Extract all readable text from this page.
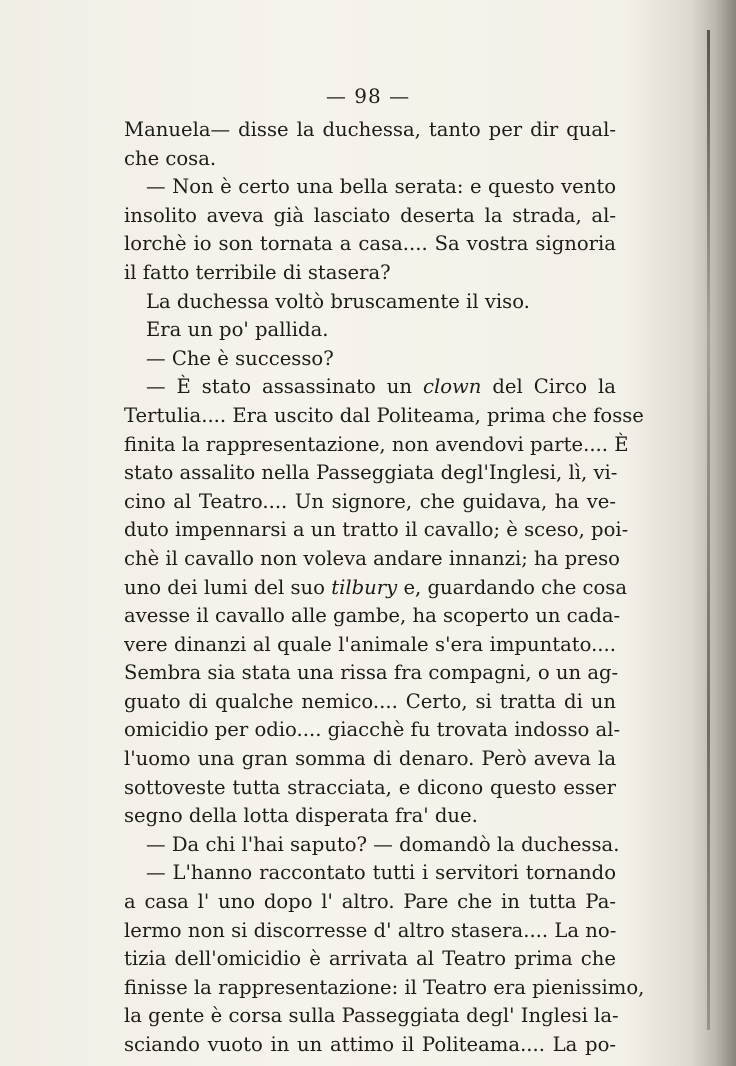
— 98 —
Manuela— disse la duchessa, tanto per dir qual-
che cosa.
— Non è certo una bella serata: e questo vento
insolito aveva già lasciato deserta la strada, al-
lorchè io son tornata a casa.... Sa vostra signoria
il fatto terribile di stasera?
La duchessa voltò bruscamente il viso.
Era un po' pallida.
— Che è successo?
— È stato assassinato un clown del Circo la
Tertulia.... Era uscito dal Politeama, prima che fosse
finita la rappresentazione, non avendovi parte.... È
stato assalito nella Passeggiata degl'Inglesi, lì, vi-
cino al Teatro.... Un signore, che guidava, ha ve-
duto impennarsi a un tratto il cavallo; è sceso, poi-
chè il cavallo non voleva andare innanzi; ha preso
uno dei lumi del suo tilbury e, guardando che cosa
avesse il cavallo alle gambe, ha scoperto un cada-
vere dinanzi al quale l'animale s'era impuntato....
Sembra sia stata una rissa fra compagni, o un ag-
guato di qualche nemico.... Certo, si tratta di un
omicidio per odio.... giacchè fu trovata indosso al-
l'uomo una gran somma di denaro. Però aveva la
sottoveste tutta stracciata, e dicono questo esser
segno della lotta disperata fra' due.
— Da chi l'hai saputo? — domandò la duchessa.
— L'hanno raccontato tutti i servitori tornando
a casa l' uno dopo l' altro. Pare che in tutta Pa-
lermo non si discorresse d' altro stasera.... La no-
tizia dell'omicidio è arrivata al Teatro prima che
finisse la rappresentazione: il Teatro era pienissimo,
la gente è corsa sulla Passeggiata degl' Inglesi la-
sciando vuoto in un attimo il Politeama.... La po-
